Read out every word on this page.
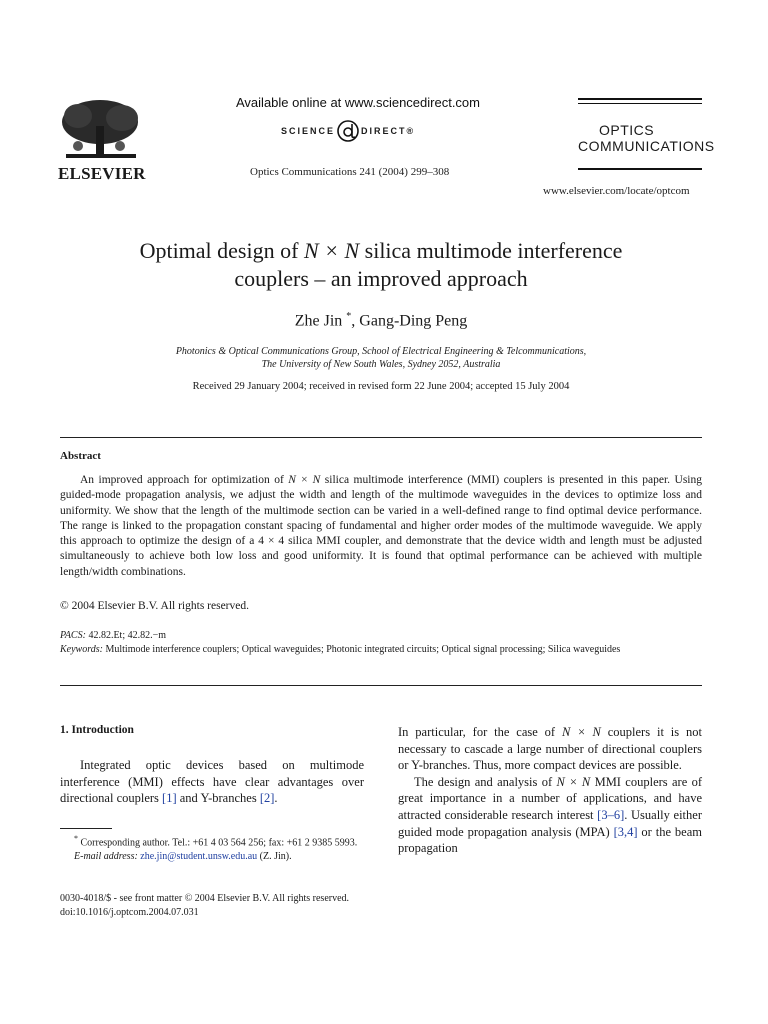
ELSEVIER
Available online at www.sciencedirect.com
SCIENCE	DIRECT®
Optics Communications 241 (2004) 299–308
OPTICS
COMMUNICATIONS
www.elsevier.com/locate/optcom
Optimal design of N × N silica multimode interference
couplers – an improved approach
Zhe Jin *, Gang-Ding Peng
Photonics & Optical Communications Group, School of Electrical Engineering & Telcommunications,
The University of New South Wales, Sydney 2052, Australia
Received 29 January 2004; received in revised form 22 June 2004; accepted 15 July 2004
Abstract
An improved approach for optimization of N × N silica multimode interference (MMI) couplers is presented in this paper. Using guided-mode propagation analysis, we adjust the width and length of the multimode waveguides in the devices to optimize loss and uniformity. We show that the length of the multimode section can be varied in a well-defined range to find optimal device performance. The range is linked to the propagation constant spacing of fundamental and higher order modes of the multimode waveguide. We apply this approach to optimize the design of a 4 × 4 silica MMI coupler, and demonstrate that the device width and length must be adjusted simultaneously to achieve both low loss and good uniformity. It is found that optimal performance can be achieved with multiple length/width combinations.
© 2004 Elsevier B.V. All rights reserved.
PACS: 42.82.Et; 42.82.−m
Keywords: Multimode interference couplers; Optical waveguides; Photonic integrated circuits; Optical signal processing; Silica waveguides
1. Introduction
Integrated optic devices based on multimode interference (MMI) effects have clear advantages over directional couplers [1] and Y-branches [2].
* Corresponding author. Tel.: +61 4 03 564 256; fax: +61 2 9385 5993.
E-mail address: zhe.jin@student.unsw.edu.au (Z. Jin).
0030-4018/$ - see front matter © 2004 Elsevier B.V. All rights reserved.
doi:10.1016/j.optcom.2004.07.031
In particular, for the case of N × N couplers it is not necessary to cascade a large number of directional couplers or Y-branches. Thus, more compact devices are possible.
The design and analysis of N × N MMI couplers are of great importance in a number of applications, and have attracted considerable research interest [3–6]. Usually either guided mode propagation analysis (MPA) [3,4] or the beam propagation
